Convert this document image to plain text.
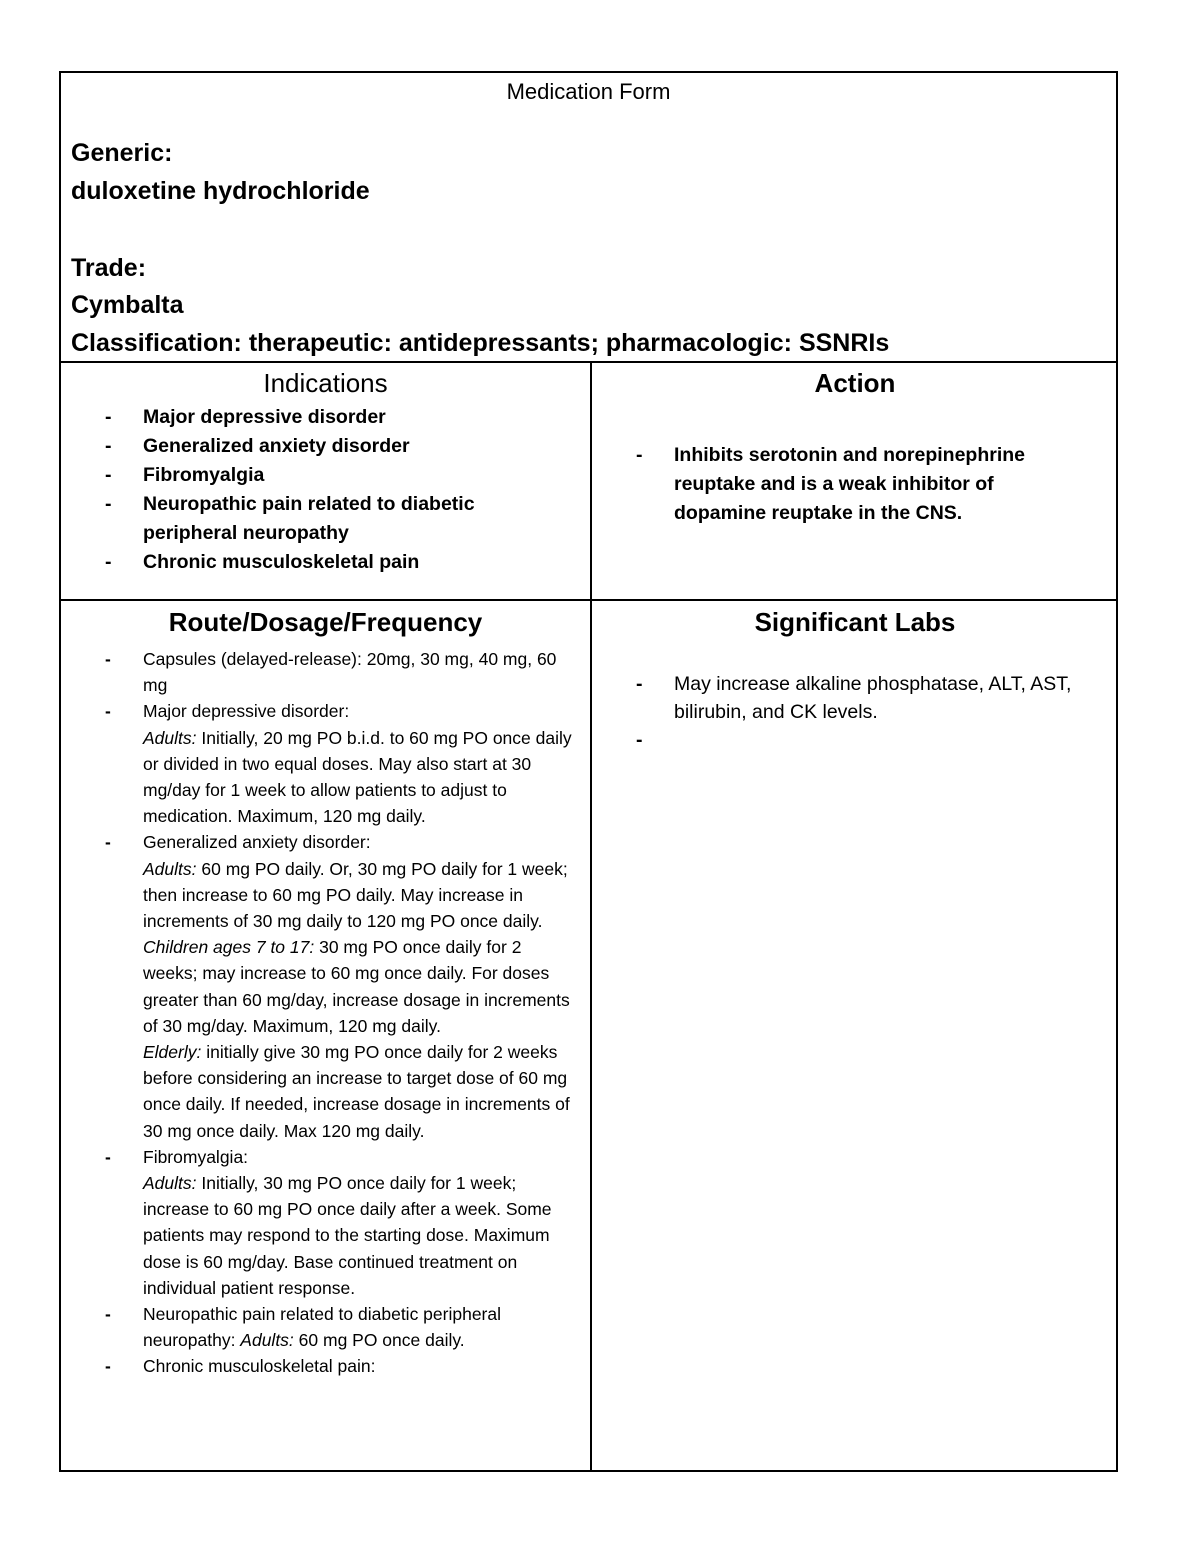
Medication Form
Generic:
duloxetine hydrochloride
Trade:
Cymbalta
Classification: therapeutic: antidepressants; pharmacologic: SSNRIs
Indications
- Major depressive disorder
- Generalized anxiety disorder
- Fibromyalgia
- Neuropathic pain related to diabetic peripheral neuropathy
- Chronic musculoskeletal pain
Action
- Inhibits serotonin and norepinephrine reuptake and is a weak inhibitor of dopamine reuptake in the CNS.
Route/Dosage/Frequency
- Capsules (delayed-release): 20mg, 30 mg, 40 mg, 60 mg
- Major depressive disorder:
Adults: Initially, 20 mg PO b.i.d. to 60 mg PO once daily or divided in two equal doses. May also start at 30 mg/day for 1 week to allow patients to adjust to medication. Maximum, 120 mg daily.
- Generalized anxiety disorder:
Adults: 60 mg PO daily. Or, 30 mg PO daily for 1 week; then increase to 60 mg PO daily. May increase in increments of 30 mg daily to 120 mg PO once daily.
Children ages 7 to 17: 30 mg PO once daily for 2 weeks; may increase to 60 mg once daily. For doses greater than 60 mg/day, increase dosage in increments of 30 mg/day. Maximum, 120 mg daily.
Elderly: initially give 30 mg PO once daily for 2 weeks before considering an increase to target dose of 60 mg once daily. If needed, increase dosage in increments of 30 mg once daily. Max 120 mg daily.
- Fibromyalgia:
Adults: Initially, 30 mg PO once daily for 1 week; increase to 60 mg PO once daily after a week. Some patients may respond to the starting dose. Maximum dose is 60 mg/day. Base continued treatment on individual patient response.
- Neuropathic pain related to diabetic peripheral neuropathy: Adults: 60 mg PO once daily.
- Chronic musculoskeletal pain:
Significant Labs
- May increase alkaline phosphatase, ALT, AST, bilirubin, and CK levels.
-
